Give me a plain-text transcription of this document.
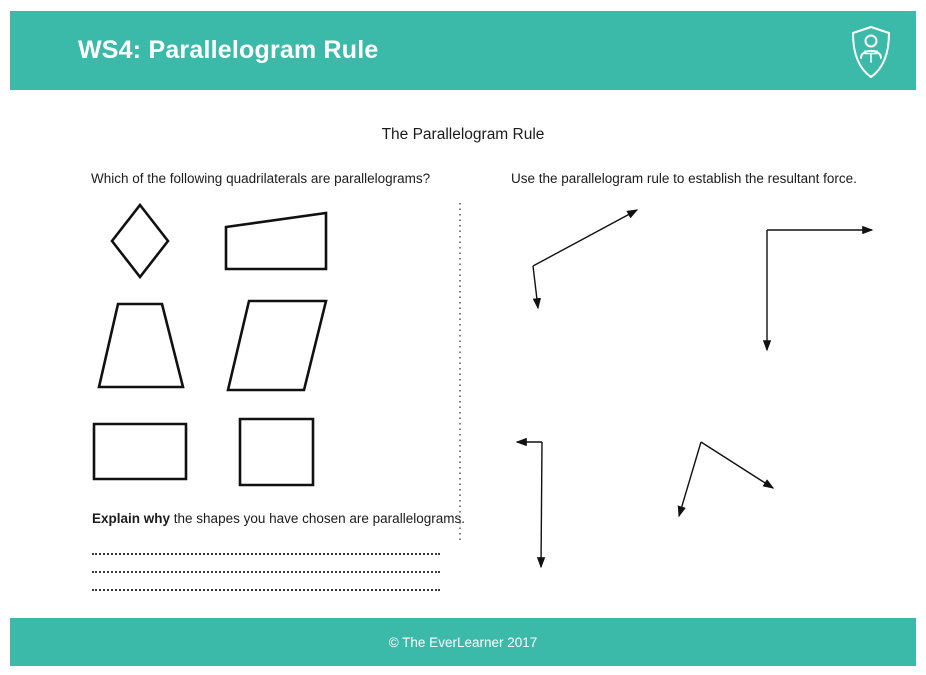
WS4: Parallelogram Rule
The Parallelogram Rule
Which of the following quadrilaterals are parallelograms?	Use the parallelogram rule to establish the resultant force.
Explain why the shapes you have chosen are parallelograms.
© The EverLearner 2017
